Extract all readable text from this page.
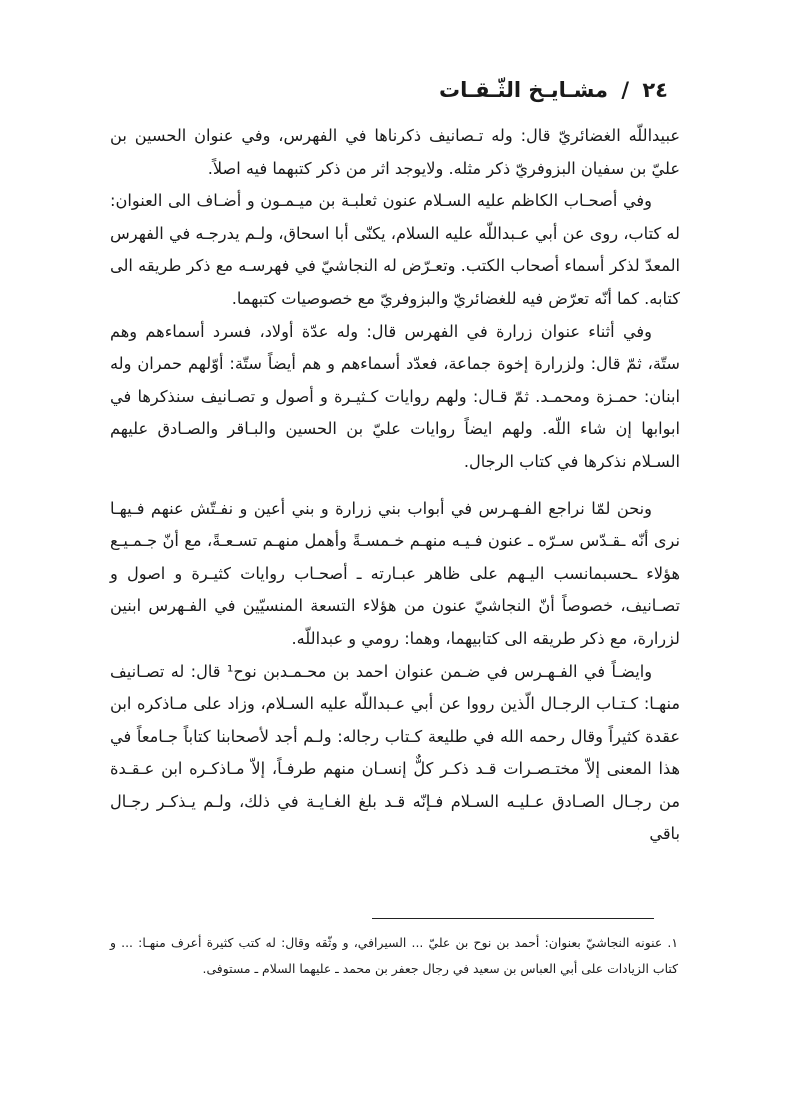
٢٤ / مشـايـخ الثّـقـات

عبيداللّه الغضائريّ قال: وله تـصانيف ذكرناها في الفهرس، وفي عنوان الحسين بن عليّ بن سفيان البزوفريّ ذكر مثله. ولايوجد اثر من ذكر كتبهما فيه اصلاً.

وفي أصحـاب الكاظم عليه السـلام عنون ثعلبـة بن ميـمـون و أضـاف الى العنوان: له كتاب، روى عن أبي عـبداللّه عليه السلام، يكنّى أبا اسحاق، ولـم يدرجـه في الفهرس المعدّ لذكر أسماء أصحاب الكتب. وتعـرّض له النجاشيّ في فهرسـه مع ذكر طريقه الى كتابه. كما أنّه تعرّض فيه للغضائريّ والبزوفريّ مع خصوصيات كتبهما.

وفي أثناء عنوان زرارة في الفهرس قال: وله عدّة أولاد، فسرد أسماءهم وهم ستّة، ثمّ قال: ولزرارة إخوة جماعة، فعدّد أسماءهم و هم أيضاً ستّة: أوّلهم حمران وله ابنان: حمـزة ومحمـد. ثمّ قـال: ولهم روايات كـثيـرة و أصول و تصـانيف سنذكرها في ابوابها إن شاء اللّه. ولهم ايضاً روايات عليّ بن الحسين والبـاقر والصـادق عليهم السـلام نذكرها في كتاب الرجال.

ونحن لمّا نراجع الفـهـرس في أبواب بني زرارة و بني أعين و نفـتّش عنهم فـيهـا نرى أنّه ـقـدّس سـرّه ـ عنون فـيـه منهـم خـمسـةً وأهمل منهـم تسـعـةً، مع أنّ جـمـيـع هؤلاء ـحسبمانسب اليـهم على ظاهر عبـارته ـ أصحـاب روايات كثيـرة و اصول و تصـانيف، خصوصاً أنّ النجاشيّ عنون من هؤلاء التسعة المنسيّين في الفـهرس ابنين لزرارة، مع ذكر طريقه الى كتابيهما، وهما: رومي و عبداللّه.

وايضـاً في الفـهـرس في ضـمن عنوان احمد بن محـمـدبن نوح¹ قال: له تصـانيف منهـا: كـتـاب الرجـال الّذين رووا عن أبي عـبداللّه عليه السـلام، وزاد على مـاذكره ابن عقدة كثيراً وقال رحمه الله في طليعة كـتاب رجاله: ولـم أجد لأصحابنا كتاباً جـامعاً في هذا المعنى إلاّ مختـصـرات قـد ذكـر كلٌّ إنسـان منهم طرفـاً، إلاّ مـاذكـره ابن عـقـدة من رجـال الصـادق عـليـه السـلام فـإنّه قـد بلغ الغـايـة في ذلك، ولـم يـذكـر رجـال باقي

١. عنونه النجاشيّ بعنوان: أحمد بن نوح بن عليّ ... السيرافي، و وثّقه وقال: له كتب كثيرة أعرف منهـا: ... و كتاب الزيادات على أبي العباس بن سعيد في رجال جعفر بن محمد ـ عليهما السلام ـ مستوفى.
